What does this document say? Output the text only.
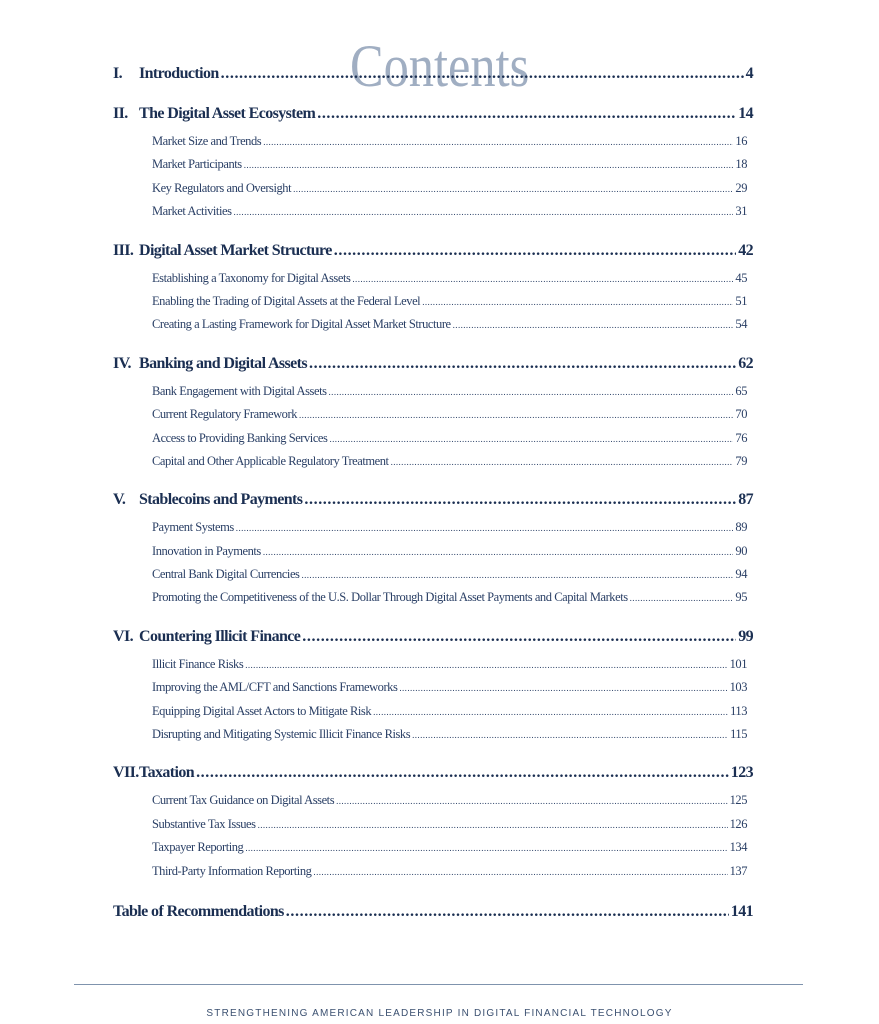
Contents
I.	Introduction .....	4
II. The Digital Asset Ecosystem .....	14
Market Size and Trends .....	16
Market Participants .....	18
Key Regulators and Oversight .....	29
Market Activities .....	31
III. Digital Asset Market Structure .....	42
Establishing a Taxonomy for Digital Assets .....	45
Enabling the Trading of Digital Assets at the Federal Level .....	51
Creating a Lasting Framework for Digital Asset Market Structure .....	54
IV. Banking and Digital Assets .....	62
Bank Engagement with Digital Assets .....	65
Current Regulatory Framework .....	70
Access to Providing Banking Services .....	76
Capital and Other Applicable Regulatory Treatment .....	79
V. Stablecoins and Payments .....	87
Payment Systems .....	89
Innovation in Payments .....	90
Central Bank Digital Currencies .....	94
Promoting the Competitiveness of the U.S. Dollar Through Digital Asset Payments and Capital Markets .....	95
VI. Countering Illicit Finance .....	99
Illicit Finance Risks .....	101
Improving the AML/CFT and Sanctions Frameworks .....	103
Equipping Digital Asset Actors to Mitigate Risk .....	113
Disrupting and Mitigating Systemic Illicit Finance Risks .....	115
VII. Taxation .....	123
Current Tax Guidance on Digital Assets .....	125
Substantive Tax Issues .....	126
Taxpayer Reporting .....	134
Third-Party Information Reporting .....	137
Table of Recommendations .....	141
STRENGTHENING AMERICAN LEADERSHIP IN DIGITAL FINANCIAL TECHNOLOGY
